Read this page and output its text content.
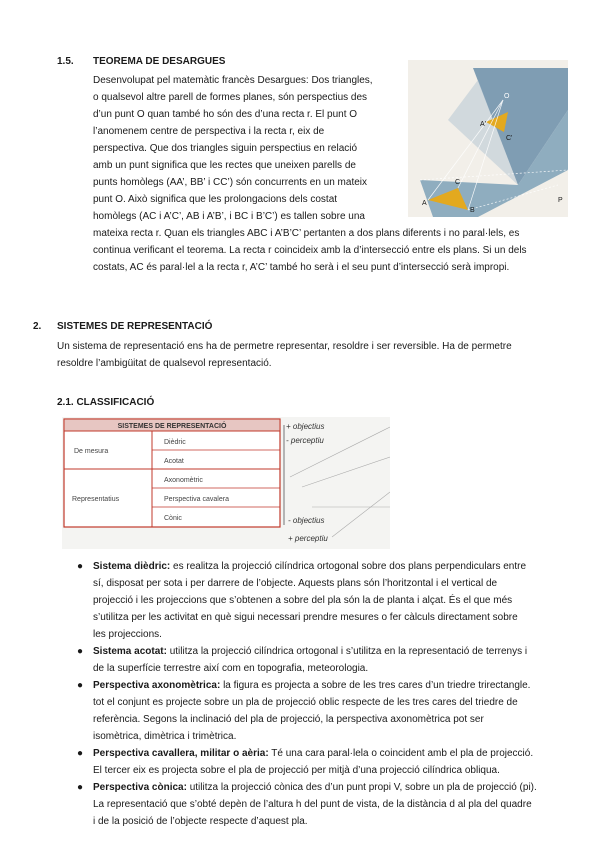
1.5. TEOREMA DE DESARGUES
Desenvolupat pel matemàtic francès Desargues: Dos triangles,
o qualsevol altre parell de formes planes, són perspectius des
d’un punt O quan també ho són des d’una recta r. El punt O
l’anomenem centre de perspectiva i la recta r, eix de
perspectiva. Que dos triangles siguin perspectius en relació
amb un punt significa que les rectes que uneixen parells de
punts homòlegs (AA’, BB’ i CC’) són concurrents en un mateix
punt O. Això significa que les prolongacions dels costat
homòlegs (AC i A’C’, AB i A’B’, i BC i B’C’) es tallen sobre una
mateixa recta r. Quan els triangles ABC i A’B’C’ pertanten a dos plans diferents i no paral·lels, es
continua verificant el teorema. La recta r coincideix amb la d’intersecció entre els plans. Si un dels
costats, AC és paral·lel a la recta r, A’C’ també ho serà i el seu punt d’intersecció serà impropi.
O
A'
C'
C
A
B
P
2. SISTEMES DE REPRESENTACIÓ
Un sistema de representació ens ha de permetre representar, resoldre i ser reversible. Ha de permetre
resoldre l’ambigüitat de qualsevol representació.
2.1. CLASSIFICACIÓ
SISTEMES DE REPRESENTACIÓ
De mesura
Representatius
Dièdric
Acotat
Axonomètric
Perspectiva cavalera
Cònic
+ objectius
- perceptiu
- objectius
+ perceptiu
● Sistema dièdric: es realitza la projecció cilíndrica ortogonal sobre dos plans perpendiculars entre
sí, disposat per sota i per darrere de l’objecte. Aquests plans són l’horitzontal i el vertical de
projecció i les projeccions que s’obtenen a sobre del pla són la de planta i alçat. És el que més
s’utilitza per les activitat en què sigui necessari prendre mesures o fer càlculs directament sobre
les projeccions.
● Sistema acotat: utilitza la projecció cilíndrica ortogonal i s’utilitza en la representació de terrenys i
de la superfície terrestre així com en topografia, meteorologia.
● Perspectiva axonomètrica: la figura es projecta a sobre de les tres cares d’un triedre trirectangle.
tot el conjunt es projecte sobre un pla de projecció oblic respecte de les tres cares del triedre de
referència. Segons la inclinació del pla de projecció, la perspectiva axonomètrica pot ser
isomètrica, dimètrica i trimètrica.
● Perspectiva cavallera, militar o aèria: Té una cara paral·lela o coincident amb el pla de projecció.
El tercer eix es projecta sobre el pla de projecció per mitjà d’una projecció cilíndrica obliqua.
● Perspectiva cònica: utilitza la projecció cònica des d’un punt propi V, sobre un pla de projecció (pi).
La representació que s’obté depèn de l’altura h del punt de vista, de la distància d al pla del quadre
i de la posició de l’objecte respecte d’aquest pla.
